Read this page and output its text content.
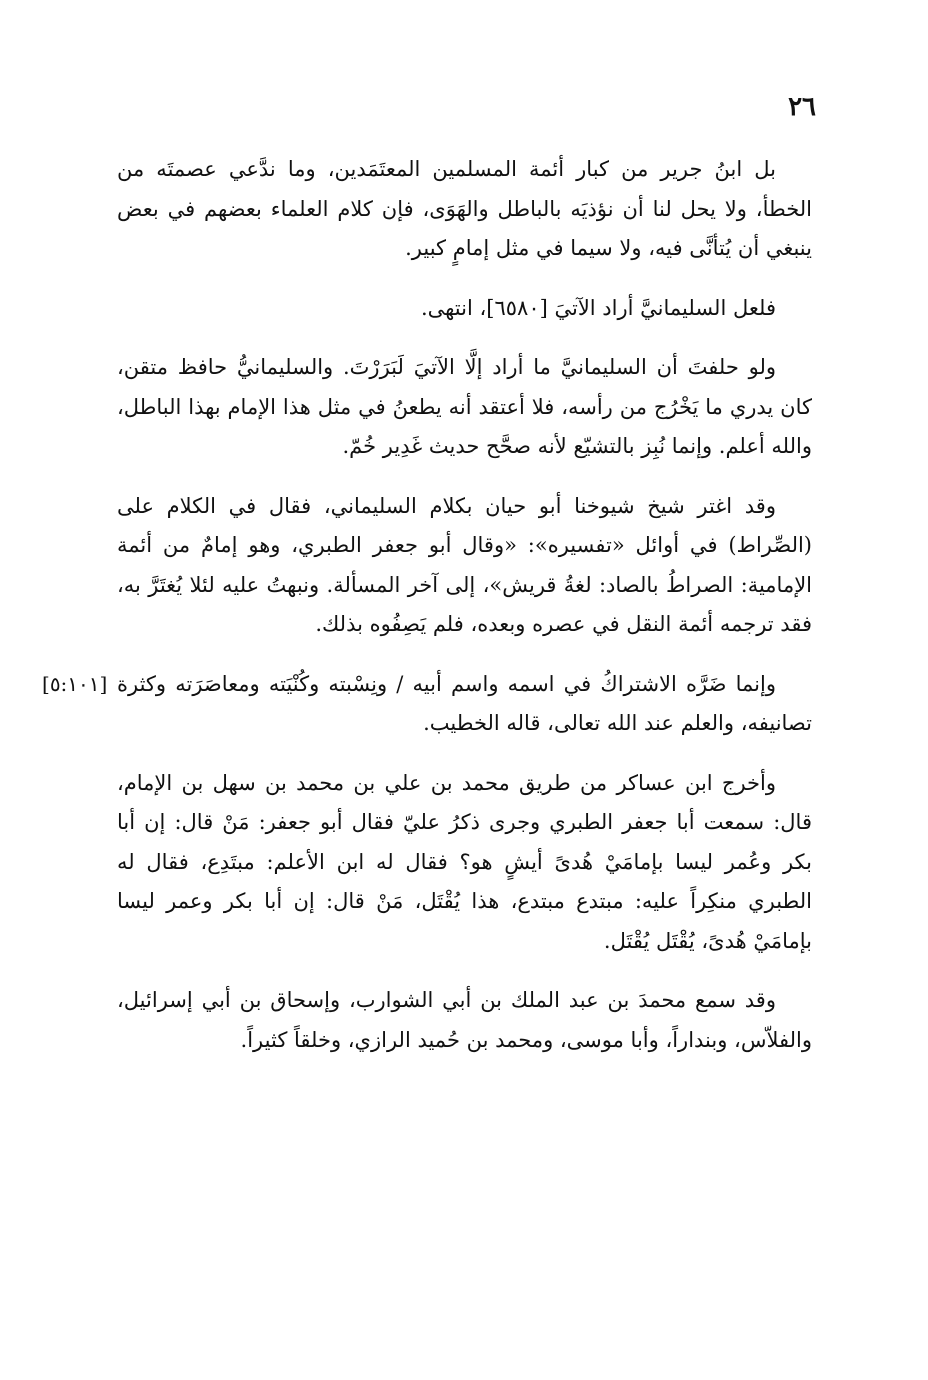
٢٦

بل ابنُ جرير من كبار أئمة المسلمين المعتَمَدين، وما ندَّعي عصمتَه من الخطأ، ولا يحل لنا أن نؤذيَه بالباطل والهَوَى، فإن كلام العلماء بعضهم في بعض ينبغي أن يُتأنَّى فيه، ولا سيما في مثل إمامٍ كبير.

فلعل السليمانيَّ أراد الآتيَ [٦٥٨٠]، انتهى.

ولو حلفتَ أن السليمانيَّ ما أراد إلَّا الآتيَ لَبَرَرْتَ. والسليمانيُّ حافظ متقن، كان يدري ما يَخْرُج من رأسه، فلا أعتقد أنه يطعنُ في مثل هذا الإمام بهذا الباطل، والله أعلم. وإنما نُبِز بالتشيّع لأنه صحَّح حديث غَدِير خُمّ.

وقد اغتر شيخ شيوخنا أبو حيان بكلام السليماني، فقال في الكلام على (الصِّراط) في أوائل «تفسيره»: «وقال أبو جعفر الطبري، وهو إمامٌ من أئمة الإمامية: الصراطُ بالصاد: لغةُ قريش»، إلى آخر المسألة. ونبهتُ عليه لئلا يُغتَرَّ به، فقد ترجمه أئمة النقل في عصره وبعده، فلم يَصِفُوه بذلك.

[٥:١٠١] وإنما ضَرَّه الاشتراكُ في اسمه واسم أبيه / ونِسْبته وكُنْيَته ومعاصَرَته وكثرة تصانيفه، والعلم عند الله تعالى، قاله الخطيب.

وأخرج ابن عساكر من طريق محمد بن علي بن محمد بن سهل بن الإمام، قال: سمعت أبا جعفر الطبري وجرى ذكرُ عليّ فقال أبو جعفر: مَنْ قال: إن أبا بكر وعُمر ليسا بإمامَيْ هُدىً أيشٍ هو؟ فقال له ابن الأعلم: مبتَدِع، فقال له الطبري منكِراً عليه: مبتدع مبتدع، هذا يُقْتَل، مَنْ قال: إن أبا بكر وعمر ليسا بإمامَيْ هُدىً، يُقْتَل يُقْتَل.

وقد سمع محمدَ بن عبد الملك بن أبي الشوارب، وإسحاق بن أبي إسرائيل، والفلاّس، وبنداراً، وأبا موسى، ومحمد بن حُميد الرازي، وخلقاً كثيراً.
